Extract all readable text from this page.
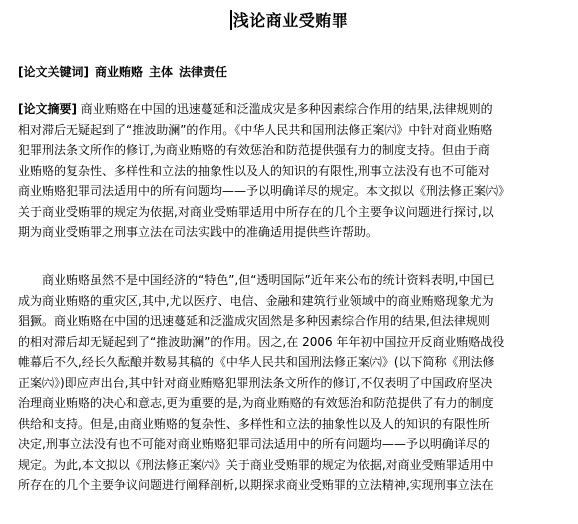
浅论商业受贿罪
[论文关键词] 商业贿赂 主体 法律责任
[论文摘要] 商业贿赂在中国的迅速蔓延和泛滥成灾是多种因素综合作用的结果,法律规则的
相对滞后无疑起到了“推波助澜”的作用。《中华人民共和国刑法修正案㈥》中针对商业贿赂
犯罪刑法条文所作的修订,为商业贿赂的有效惩治和防范提供强有力的制度支持。但由于商
业贿赂的复杂性、多样性和立法的抽象性以及人的知识的有限性,刑事立法没有也不可能对
商业贿赂犯罪司法适用中的所有问题均——予以明确详尽的规定。本文拟以《刑法修正案㈥》
关于商业受贿罪的规定为依据,对商业受贿罪适用中所存在的几个主要争议问题进行探讨,以
期为商业受贿罪之刑事立法在司法实践中的准确适用提供些许帮助。
商业贿赂虽然不是中国经济的“特色”,但“透明国际”近年来公布的统计资料表明,中国已
成为商业贿赂的重灾区,其中,尤以医疗、电信、金融和建筑行业领域中的商业贿赂现象尤为
猖獗。商业贿赂在中国的迅速蔓延和泛滥成灾固然是多种因素综合作用的结果,但法律规则
的相对滞后却无疑起到了“推波助澜”的作用。因之,在 2006 年年初中国拉开反商业贿赂战役
帷幕后不久,经长久酝酿并数易其稿的《中华人民共和国刑法修正案㈥》(以下简称《刑法修
正案㈥》)即应声出台,其中针对商业贿赂犯罪刑法条文所作的修订,不仅表明了中国政府坚决
治理商业贿赂的决心和意志,更为重要的是,为商业贿赂的有效惩治和防范提供了有力的制度
供给和支持。但是,由商业贿赂的复杂性、多样性和立法的抽象性以及人的知识的有限性所
决定,刑事立法没有也不可能对商业贿赂犯罪司法适用中的所有问题均——予以明确详尽的
规定。为此,本文拟以《刑法修正案㈥》关于商业受贿罪的规定为依据,对商业受贿罪适用中
所存在的几个主要争议问题进行阐释剖析,以期探求商业受贿罪的立法精神,实现刑事立法在
